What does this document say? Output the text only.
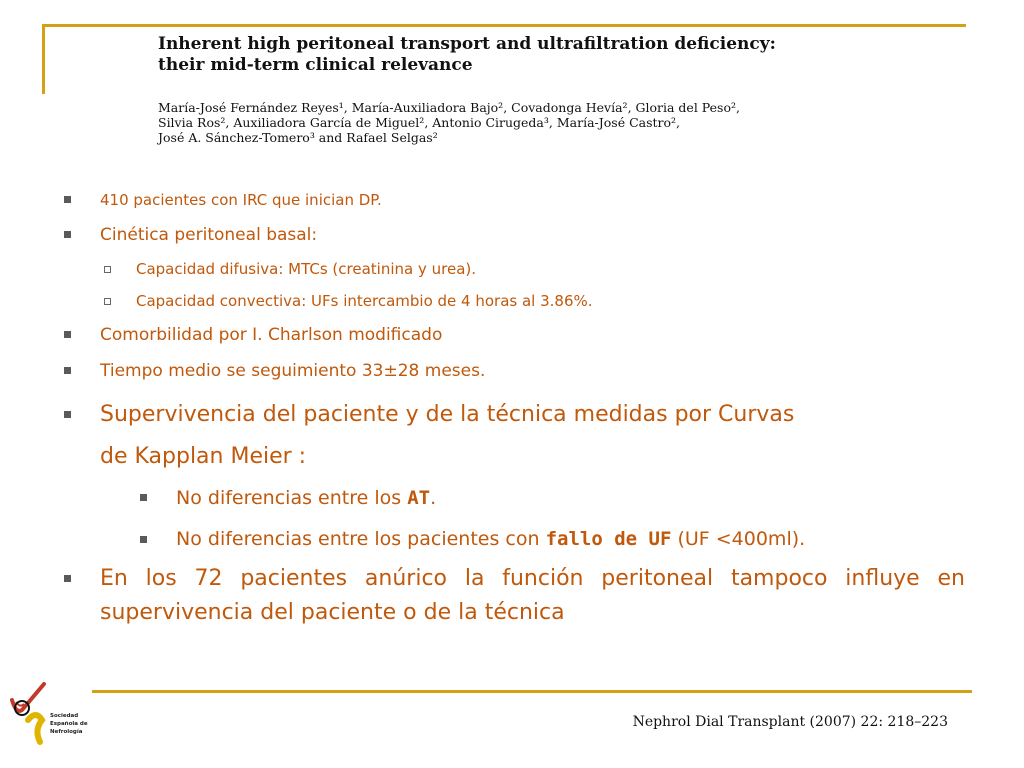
Inherent high peritoneal transport and ultrafiltration deficiency:
their mid-term clinical relevance
María-José Fernández Reyes¹, María-Auxiliadora Bajo², Covadonga Hevía², Gloria del Peso²,
Silvia Ros², Auxiliadora García de Miguel², Antonio Cirugeda³, María-José Castro²,
José A. Sánchez-Tomero³ and Rafael Selgas²
410 pacientes con IRC que inician DP.
Cinética peritoneal basal:
Capacidad difusiva: MTCs (creatinina y urea).
Capacidad convectiva: UFs intercambio de 4 horas al 3.86%.
Comorbilidad por I. Charlson modificado
Tiempo medio se seguimiento 33±28 meses.
Supervivencia del paciente y de la técnica medidas por Curvas
de Kapplan Meier :
No diferencias entre los AT.
No diferencias entre los pacientes con fallo de UF (UF <400ml).
En los 72 pacientes anúrico la función peritoneal tampoco influye en supervivencia del paciente o de la técnica
Sociedad
Española de
Nefrología
Nephrol Dial Transplant (2007) 22: 218–223
